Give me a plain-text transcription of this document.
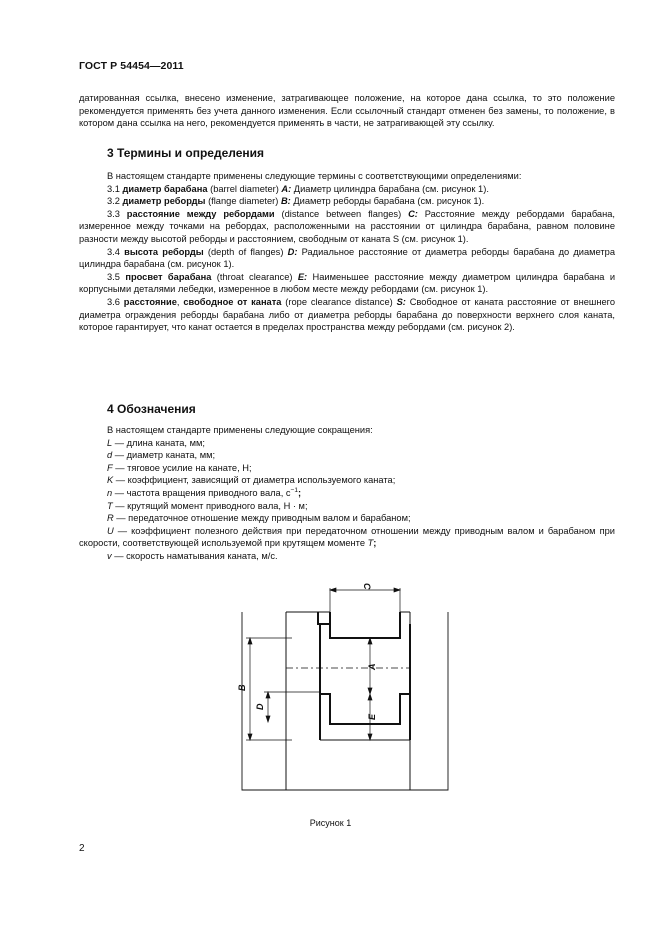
ГОСТ Р 54454—2011

датированная ссылка, внесено изменение, затрагивающее положение, на которое дана ссылка, то это положение рекомендуется применять без учета данного изменения. Если ссылочный стандарт отменен без замены, то положение, в котором дана ссылка на него, рекомендуется применять в части, не затрагивающей эту ссылку.

3 Термины и определения

В настоящем стандарте применены следующие термины с соответствующими определениями:

3.1 диаметр барабана (barrel diameter) A: Диаметр цилиндра барабана (см. рисунок 1).

3.2 диаметр реборды (flange diameter) B: Диаметр реборды барабана (см. рисунок 1).

3.3 расстояние между ребордами (distance between flanges) C: Расстояние между ребордами барабана, измеренное между точками на ребордах, расположенными на расстоянии от цилиндра барабана, равном половине разности между высотой реборды и расстоянием, свободным от каната S (см. рисунок 1).

3.4 высота реборды (depth of flanges) D: Радиальное расстояние от диаметра реборды барабана до диаметра цилиндра барабана (см. рисунок 1).

3.5 просвет барабана (throat clearance) E: Наименьшее расстояние между диаметром цилиндра барабана и корпусными деталями лебедки, измеренное в любом месте между ребордами (см. рисунок 1).

3.6 расстояние, свободное от каната (rope clearance distance) S: Свободное от каната расстояние от внешнего диаметра ограждения реборды барабана либо от диаметра реборды барабана до поверхности верхнего слоя каната, которое гарантирует, что канат остается в пределах пространства между ребордами (см. рисунок 2).

4 Обозначения

В настоящем стандарте применены следующие сокращения:

L — длина каната, мм;

d — диаметр каната, мм;

F — тяговое усилие на канате, Н;

K — коэффициент, зависящий от диаметра используемого каната;

n — частота вращения приводного вала, $с^{-1}$;

T — крутящий момент приводного вала, Н · м;

R — передаточное отношение между приводным валом и барабаном;

U — коэффициент полезного действия при передаточном отношении между приводным валом и барабаном при скорости, соответствующей используемой при крутящем моменте T;

v — скорость наматывания каната, м/с.

C
B
D
A
E
Рисунок 1
2
